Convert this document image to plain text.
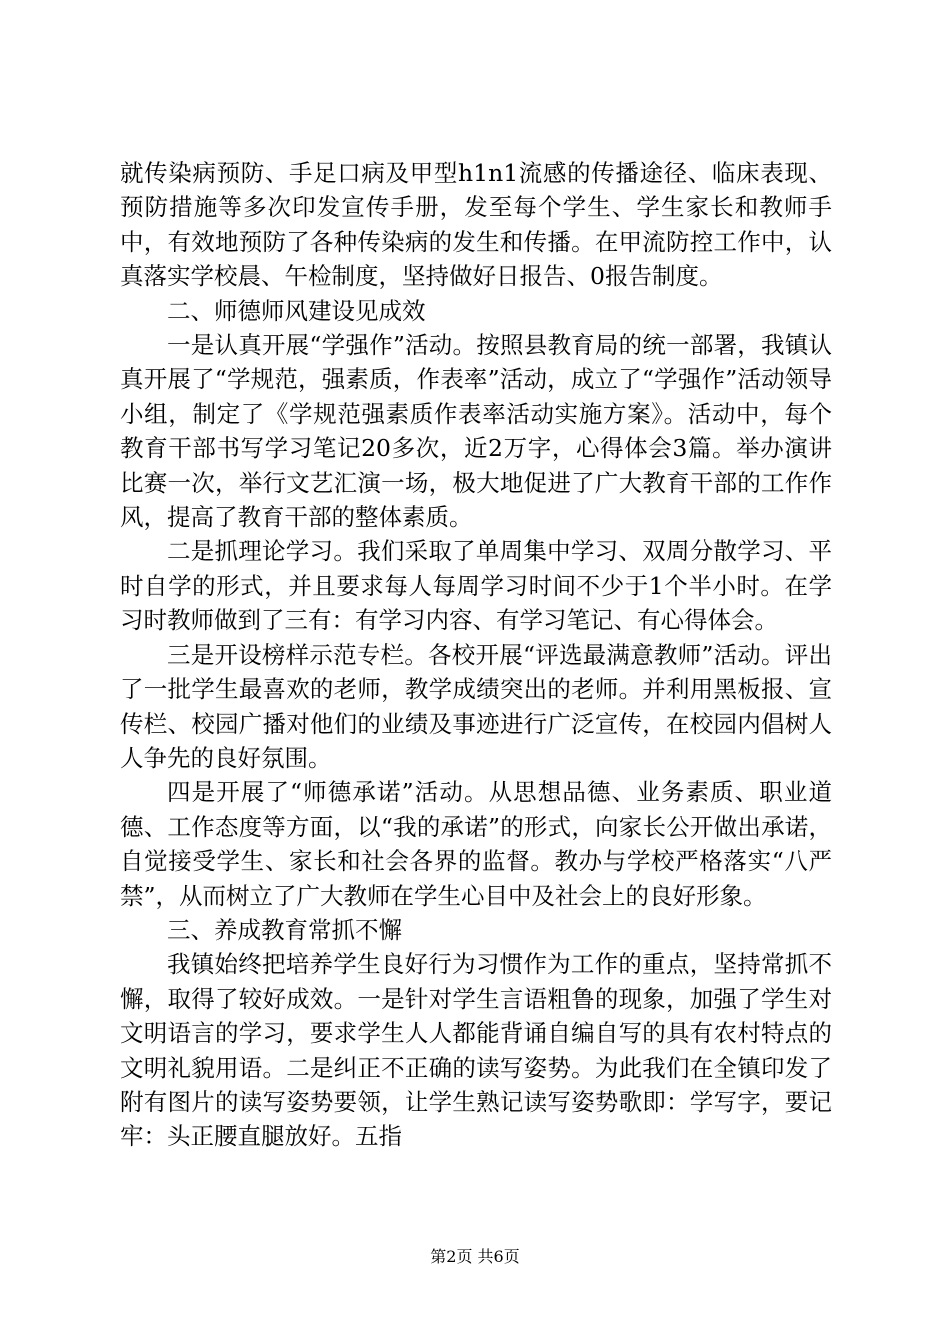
就传染病预防、手足口病及甲型h1n1流感的传播途径、临床表现、预防措施等多次印发宣传手册，发至每个学生、学生家长和教师手中，有效地预防了各种传染病的发生和传播。在甲流防控工作中，认真落实学校晨、午检制度，坚持做好日报告、0报告制度。

二、师德师风建设见成效

一是认真开展“学强作”活动。按照县教育局的统一部署，我镇认真开展了“学规范，强素质，作表率”活动，成立了“学强作”活动领导小组，制定了《学规范强素质作表率活动实施方案》。活动中，每个教育干部书写学习笔记20多次，近2万字，心得体会3篇。举办演讲比赛一次，举行文艺汇演一场，极大地促进了广大教育干部的工作作风，提高了教育干部的整体素质。

二是抓理论学习。我们采取了单周集中学习、双周分散学习、平时自学的形式，并且要求每人每周学习时间不少于1个半小时。在学习时教师做到了三有：有学习内容、有学习笔记、有心得体会。

三是开设榜样示范专栏。各校开展“评选最满意教师”活动。评出了一批学生最喜欢的老师，教学成绩突出的老师。并利用黑板报、宣传栏、校园广播对他们的业绩及事迹进行广泛宣传，在校园内倡树人人争先的良好氛围。

四是开展了“师德承诺”活动。从思想品德、业务素质、职业道德、工作态度等方面，以“我的承诺”的形式，向家长公开做出承诺，自觉接受学生、家长和社会各界的监督。教办与学校严格落实“八严禁”，从而树立了广大教师在学生心目中及社会上的良好形象。

三、养成教育常抓不懈

我镇始终把培养学生良好行为习惯作为工作的重点，坚持常抓不懈，取得了较好成效。一是针对学生言语粗鲁的现象，加强了学生对文明语言的学习，要求学生人人都能背诵自编自写的具有农村特点的文明礼貌用语。二是纠正不正确的读写姿势。为此我们在全镇印发了附有图片的读写姿势要领，让学生熟记读写姿势歌即：学写字，要记牢：头正腰直腿放好。五指

第2页 共6页
